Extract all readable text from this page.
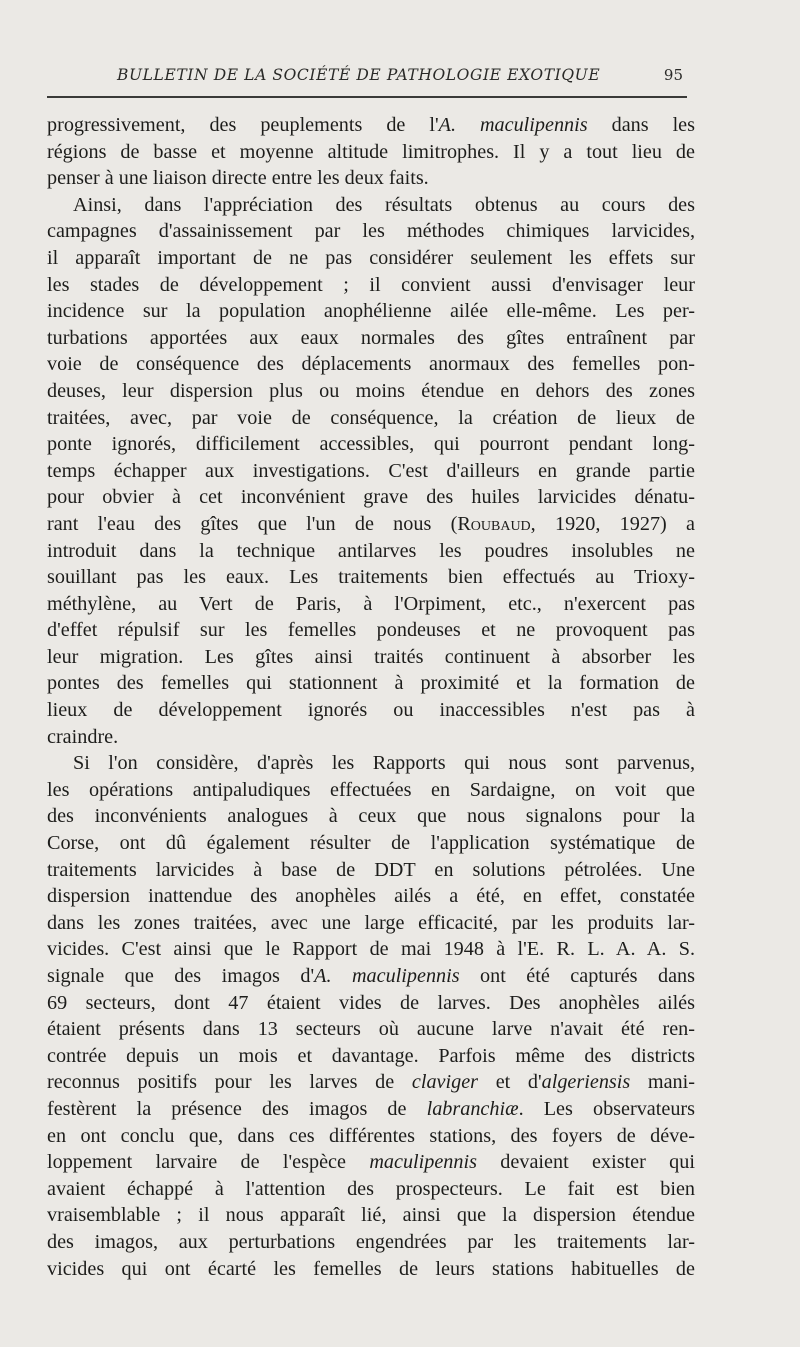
BULLETIN DE LA SOCIÉTÉ DE PATHOLOGIE EXOTIQUE	95
progressivement, des peuplements de l'A. maculipennis dans les
régions de basse et moyenne altitude limitrophes. Il y a tout lieu de
penser à une liaison directe entre les deux faits.
Ainsi, dans l'appréciation des résultats obtenus au cours des
campagnes d'assainissement par les méthodes chimiques larvicides,
il apparaît important de ne pas considérer seulement les effets sur
les stades de développement ; il convient aussi d'envisager leur
incidence sur la population anophélienne ailée elle-même. Les per-
turbations apportées aux eaux normales des gîtes entraînent par
voie de conséquence des déplacements anormaux des femelles pon-
deuses, leur dispersion plus ou moins étendue en dehors des zones
traitées, avec, par voie de conséquence, la création de lieux de
ponte ignorés, difficilement accessibles, qui pourront pendant long-
temps échapper aux investigations. C'est d'ailleurs en grande partie
pour obvier à cet inconvénient grave des huiles larvicides dénatu-
rant l'eau des gîtes que l'un de nous (Roubaud, 1920, 1927) a
introduit dans la technique antilarves les poudres insolubles ne
souillant pas les eaux. Les traitements bien effectués au Trioxy-
méthylène, au Vert de Paris, à l'Orpiment, etc., n'exercent pas
d'effet répulsif sur les femelles pondeuses et ne provoquent pas
leur migration. Les gîtes ainsi traités continuent à absorber les
pontes des femelles qui stationnent à proximité et la formation de
lieux de développement ignorés ou inaccessibles n'est pas à
craindre.
Si l'on considère, d'après les Rapports qui nous sont parvenus,
les opérations antipaludiques effectuées en Sardaigne, on voit que
des inconvénients analogues à ceux que nous signalons pour la
Corse, ont dû également résulter de l'application systématique de
traitements larvicides à base de DDT en solutions pétrolées. Une
dispersion inattendue des anophèles ailés a été, en effet, constatée
dans les zones traitées, avec une large efficacité, par les produits lar-
vicides. C'est ainsi que le Rapport de mai 1948 à l'E. R. L. A. A. S.
signale que des imagos d'A. maculipennis ont été capturés dans
69 secteurs, dont 47 étaient vides de larves. Des anophèles ailés
étaient présents dans 13 secteurs où aucune larve n'avait été ren-
contrée depuis un mois et davantage. Parfois même des districts
reconnus positifs pour les larves de claviger et d'algeriensis mani-
festèrent la présence des imagos de labranchiæ. Les observateurs
en ont conclu que, dans ces différentes stations, des foyers de déve-
loppement larvaire de l'espèce maculipennis devaient exister qui
avaient échappé à l'attention des prospecteurs. Le fait est bien
vraisemblable ; il nous apparaît lié, ainsi que la dispersion étendue
des imagos, aux perturbations engendrées par les traitements lar-
vicides qui ont écarté les femelles de leurs stations habituelles de
